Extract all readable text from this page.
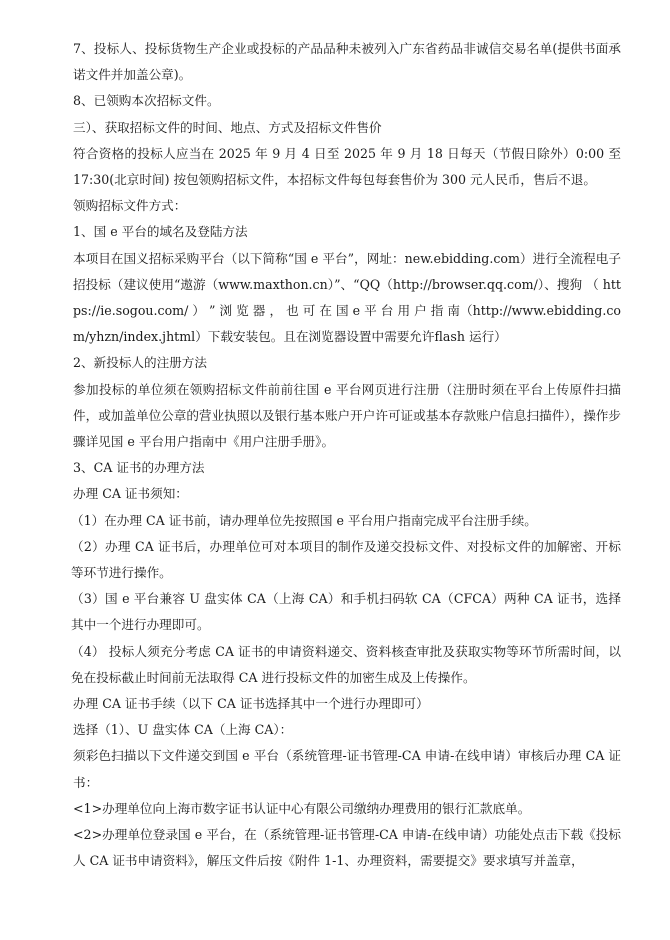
7、投标人、投标货物生产企业或投标的产品品种未被列入广东省药品非诚信交易名单(提供书面承诺文件并加盖公章)。

8、已领购本次招标文件。

三）、获取招标文件的时间、地点、方式及招标文件售价

符合资格的投标人应当在 2025 年 9 月 4 日至 2025 年 9 月 18 日每天（节假日除外）0:00 至 17:30(北京时间) 按包领购招标文件，本招标文件每包每套售价为 300 元人民币，售后不退。

领购招标文件方式：

1、国 e 平台的域名及登陆方法

本项目在国义招标采购平台（以下简称“国 e 平台”，网址：new.ebidding.com）进行全流程电子招投标（建议使用“遨游（www.maxthon.cn）”、“QQ（http://browser.qq.com/）、搜狗 （ https://ie.sogou.com/ ） ” 浏 览 器 ， 也 可 在 国 e 平 台 用 户 指 南（http://www.ebidding.com/yhzn/index.jhtml）下载安装包。且在浏览器设置中需要允许flash 运行）

2、新投标人的注册方法

参加投标的单位须在领购招标文件前前往国 e 平台网页进行注册（注册时须在平台上传原件扫描件，或加盖单位公章的营业执照以及银行基本账户开户许可证或基本存款账户信息扫描件），操作步骤详见国 e 平台用户指南中《用户注册手册》。

3、CA 证书的办理方法

办理 CA 证书须知：

（1）在办理 CA 证书前，请办理单位先按照国 e 平台用户指南完成平台注册手续。

（2）办理 CA 证书后，办理单位可对本项目的制作及递交投标文件、对投标文件的加解密、开标等环节进行操作。

（3）国 e 平台兼容 U 盘实体 CA（上海 CA）和手机扫码软 CA（CFCA）两种 CA 证书，选择其中一个进行办理即可。

（4） 投标人须充分考虑 CA 证书的申请资料递交、资料核查审批及获取实物等环节所需时间，以免在投标截止时间前无法取得 CA 进行投标文件的加密生成及上传操作。

办理 CA 证书手续（以下 CA 证书选择其中一个进行办理即可）

选择（1）、U 盘实体 CA（上海 CA）：

须彩色扫描以下文件递交到国 e 平台（系统管理-证书管理-CA 申请-在线申请）审核后办理 CA 证书：

<1>办理单位向上海市数字证书认证中心有限公司缴纳办理费用的银行汇款底单。

<2>办理单位登录国 e 平台，在（系统管理-证书管理-CA 申请-在线申请）功能处点击下载《投标人 CA 证书申请资料》，解压文件后按《附件 1-1、办理资料，需要提交》要求填写并盖章，
